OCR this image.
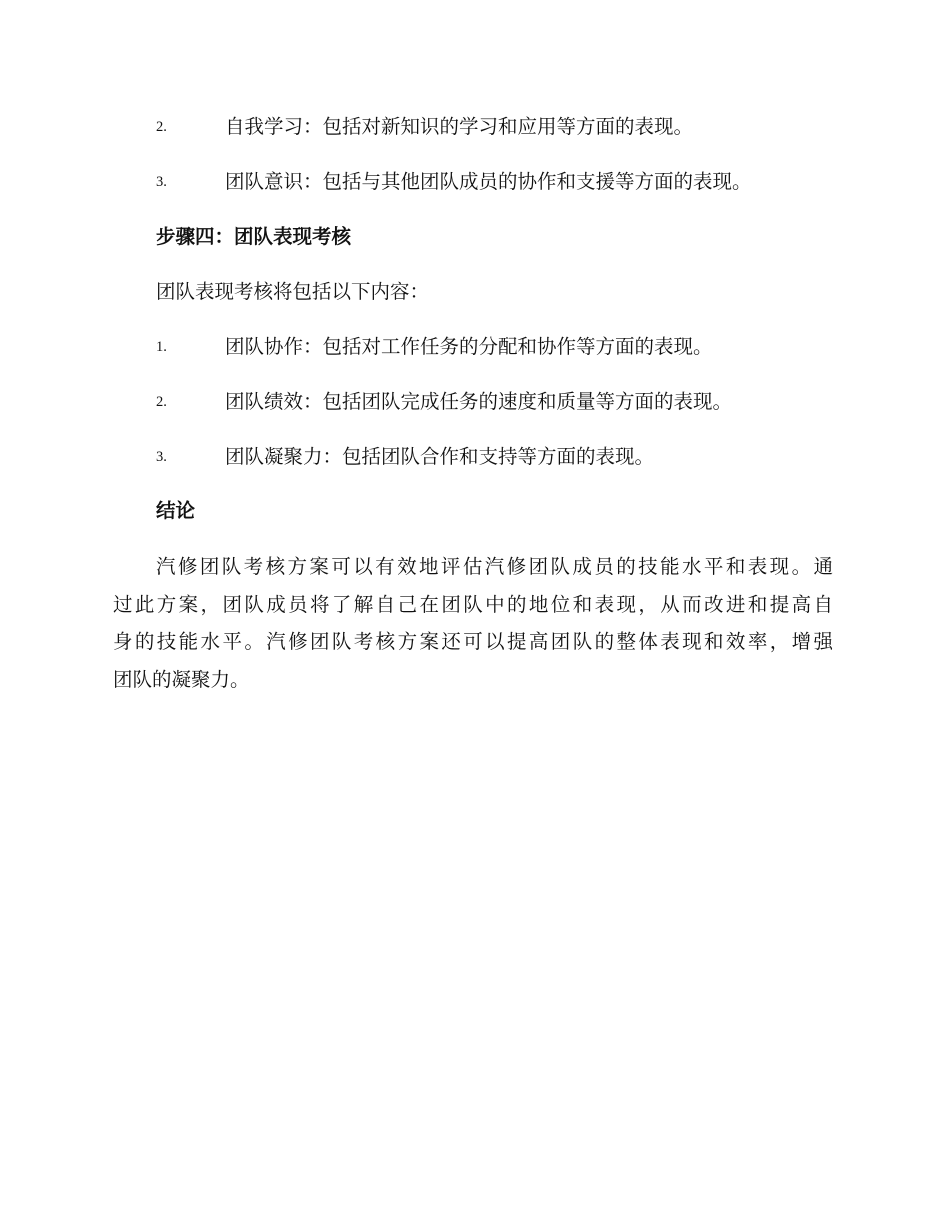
2.	自我学习：包括对新知识的学习和应用等方面的表现。
3.	团队意识：包括与其他团队成员的协作和支援等方面的表现。
步骤四：团队表现考核
团队表现考核将包括以下内容：
1.	团队协作：包括对工作任务的分配和协作等方面的表现。
2.	团队绩效：包括团队完成任务的速度和质量等方面的表现。
3.	团队凝聚力：包括团队合作和支持等方面的表现。
结论
汽修团队考核方案可以有效地评估汽修团队成员的技能水平和表现。通
过此方案，团队成员将了解自己在团队中的地位和表现，从而改进和提高自
身的技能水平。汽修团队考核方案还可以提高团队的整体表现和效率，增强
团队的凝聚力。
